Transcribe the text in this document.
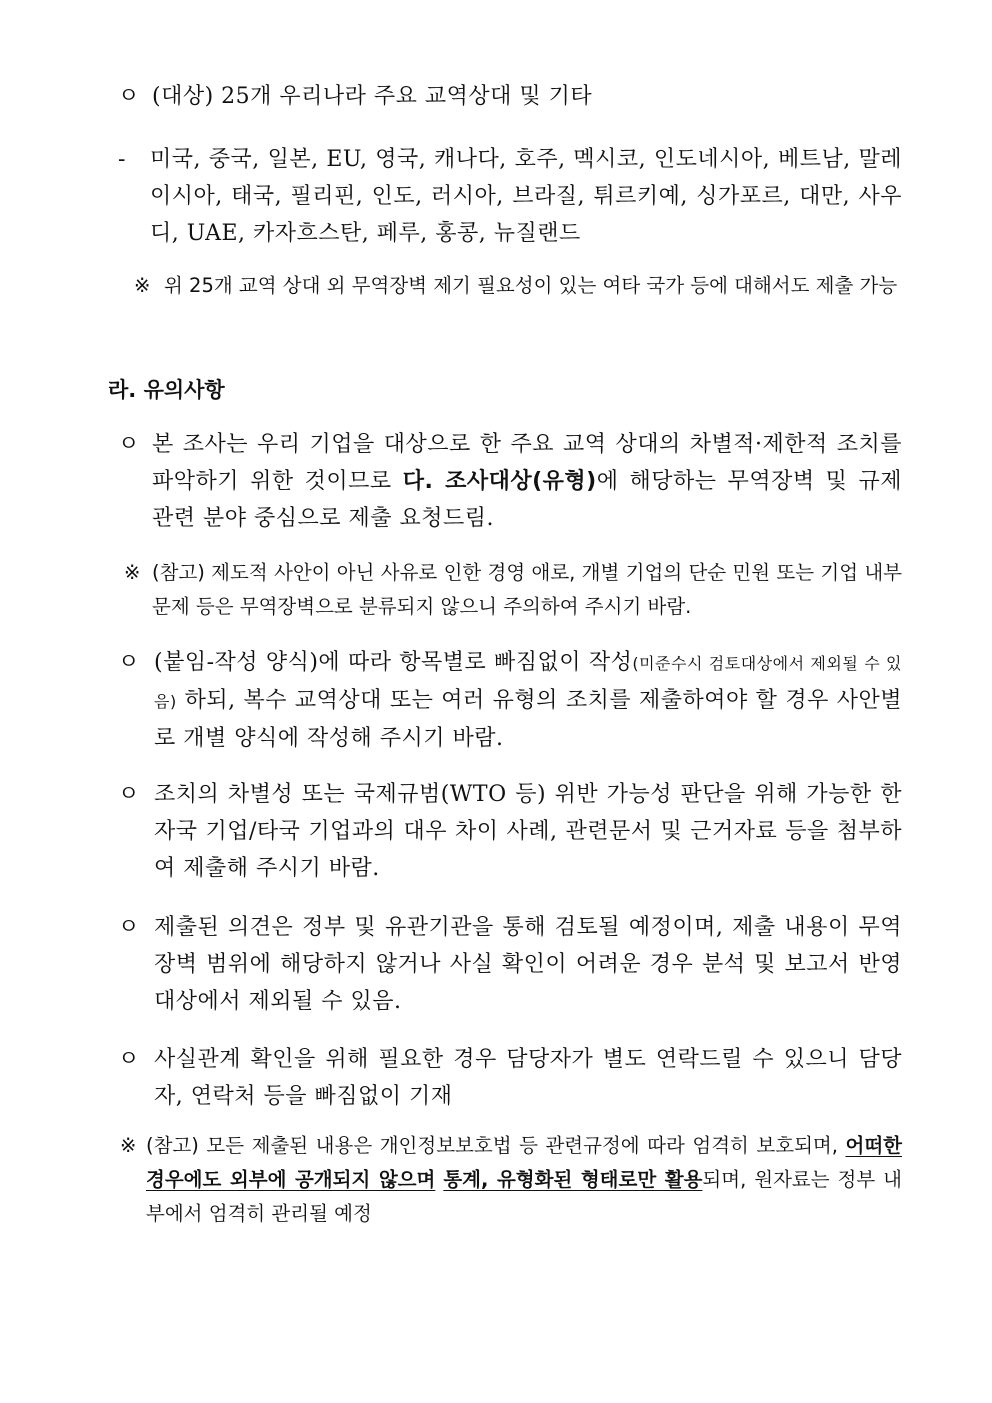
ㅇ (대상) 25개 우리나라 주요 교역상대 및 기타
-	미국, 중국, 일본, EU, 영국, 캐나다, 호주, 멕시코, 인도네시아, 베트남, 말레이시아, 태국, 필리핀, 인도, 러시아, 브라질, 튀르키예, 싱가포르, 대만, 사우디, UAE, 카자흐스탄, 페루, 홍콩, 뉴질랜드
※ 위 25개 교역 상대 외 무역장벽 제기 필요성이 있는 여타 국가 등에 대해서도 제출 가능
라. 유의사항
ㅇ 본 조사는 우리 기업을 대상으로 한 주요 교역 상대의 차별적·제한적 조치를 파악하기 위한 것이므로 다. 조사대상(유형)에 해당하는 무역장벽 및 규제 관련 분야 중심으로 제출 요청드림.
※ (참고) 제도적 사안이 아닌 사유로 인한 경영 애로, 개별 기업의 단순 민원 또는 기업 내부 문제 등은 무역장벽으로 분류되지 않으니 주의하여 주시기 바람.
ㅇ (붙임-작성 양식)에 따라 항목별로 빠짐없이 작성(미준수시 검토대상에서 제외될 수 있음) 하되, 복수 교역상대 또는 여러 유형의 조치를 제출하여야 할 경우 사안별로 개별 양식에 작성해 주시기 바람.
ㅇ 조치의 차별성 또는 국제규범(WTO 등) 위반 가능성 판단을 위해 가능한 한 자국 기업/타국 기업과의 대우 차이 사례, 관련문서 및 근거자료 등을 첨부하여 제출해 주시기 바람.
ㅇ 제출된 의견은 정부 및 유관기관을 통해 검토될 예정이며, 제출 내용이 무역장벽 범위에 해당하지 않거나 사실 확인이 어려운 경우 분석 및 보고서 반영 대상에서 제외될 수 있음.
ㅇ 사실관계 확인을 위해 필요한 경우 담당자가 별도 연락드릴 수 있으니 담당자, 연락처 등을 빠짐없이 기재
※ (참고) 모든 제출된 내용은 개인정보보호법 등 관련규정에 따라 엄격히 보호되며, 어떠한 경우에도 외부에 공개되지 않으며 통계, 유형화된 형태로만 활용되며, 원자료는 정부 내부에서 엄격히 관리될 예정
